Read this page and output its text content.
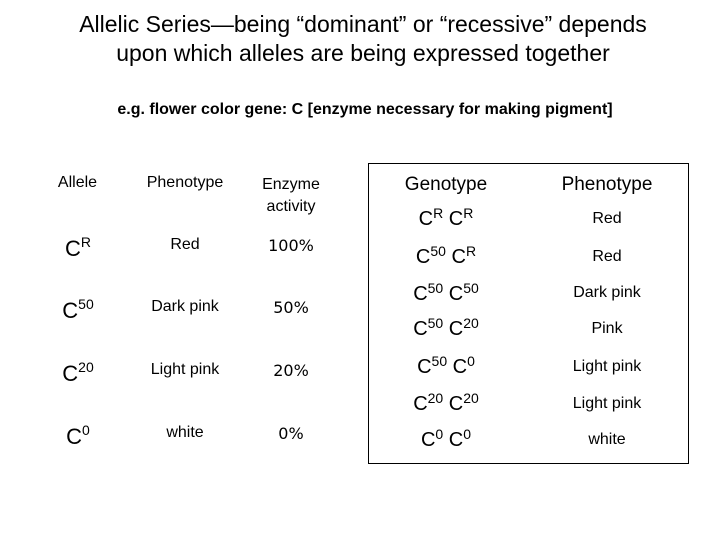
Allelic Series—being “dominant” or “recessive” depends
upon which alleles are being expressed together
e.g. flower color gene: C [enzyme necessary for making pigment]
Allele	Phenotype	Enzyme
activity
$C^R$	Red	100%
$C^{50}$	Dark pink	50%
$C^{20}$	Light pink	20%
$C^0$	white	0%
Genotype	Phenotype
$C^R$ $C^R$	Red
$C^{50}$ $C^R$	Red
$C^{50}$ $C^{50}$	Dark pink
$C^{50}$ $C^{20}$	Pink
$C^{50}$ $C^0$	Light pink
$C^{20}$ $C^{20}$	Light pink
$C^0$ $C^0$	white
